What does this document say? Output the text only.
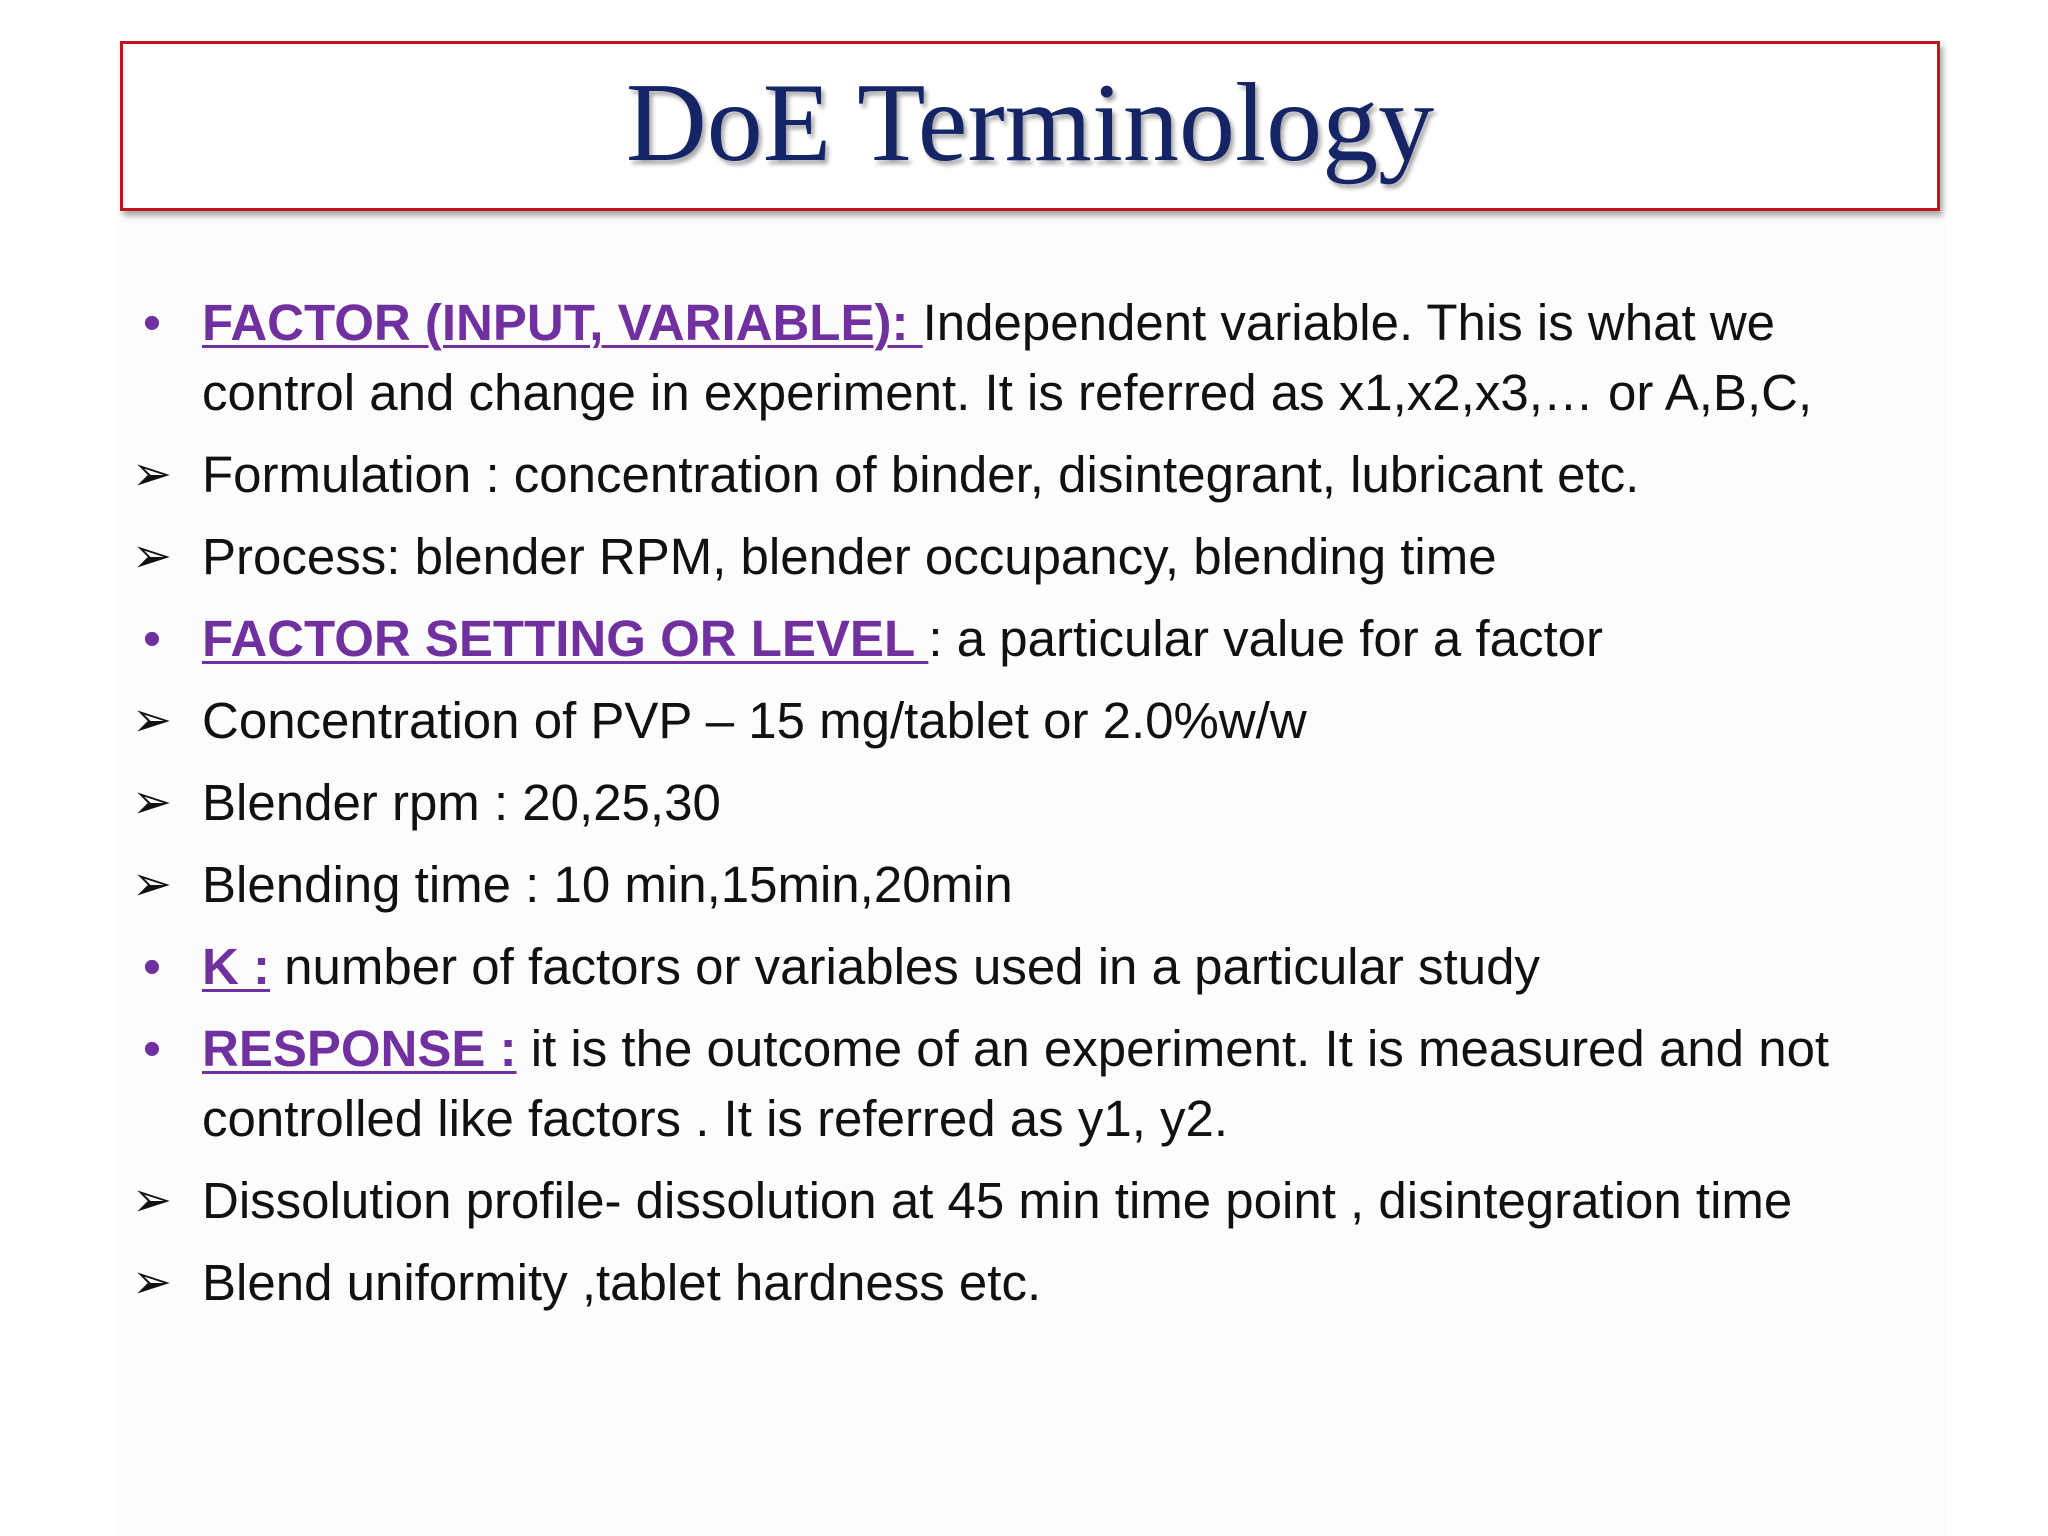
DoE Terminology
• FACTOR (INPUT, VARIABLE): Independent variable. This is what we control and change in experiment. It is referred as x1,x2,x3,… or A,B,C,
➢ Formulation : concentration of binder, disintegrant, lubricant etc.
➢ Process: blender RPM, blender occupancy, blending time
• FACTOR SETTING OR LEVEL : a particular value for a factor
➢ Concentration of PVP – 15 mg/tablet or 2.0%w/w
➢ Blender rpm : 20,25,30
➢ Blending time : 10 min,15min,20min
• K : number of factors or variables used in a particular study
• RESPONSE : it is the outcome of an experiment. It is measured and not controlled like factors . It is referred as y1, y2.
➢ Dissolution profile- dissolution at 45 min time point , disintegration time
➢ Blend uniformity ,tablet hardness etc.
